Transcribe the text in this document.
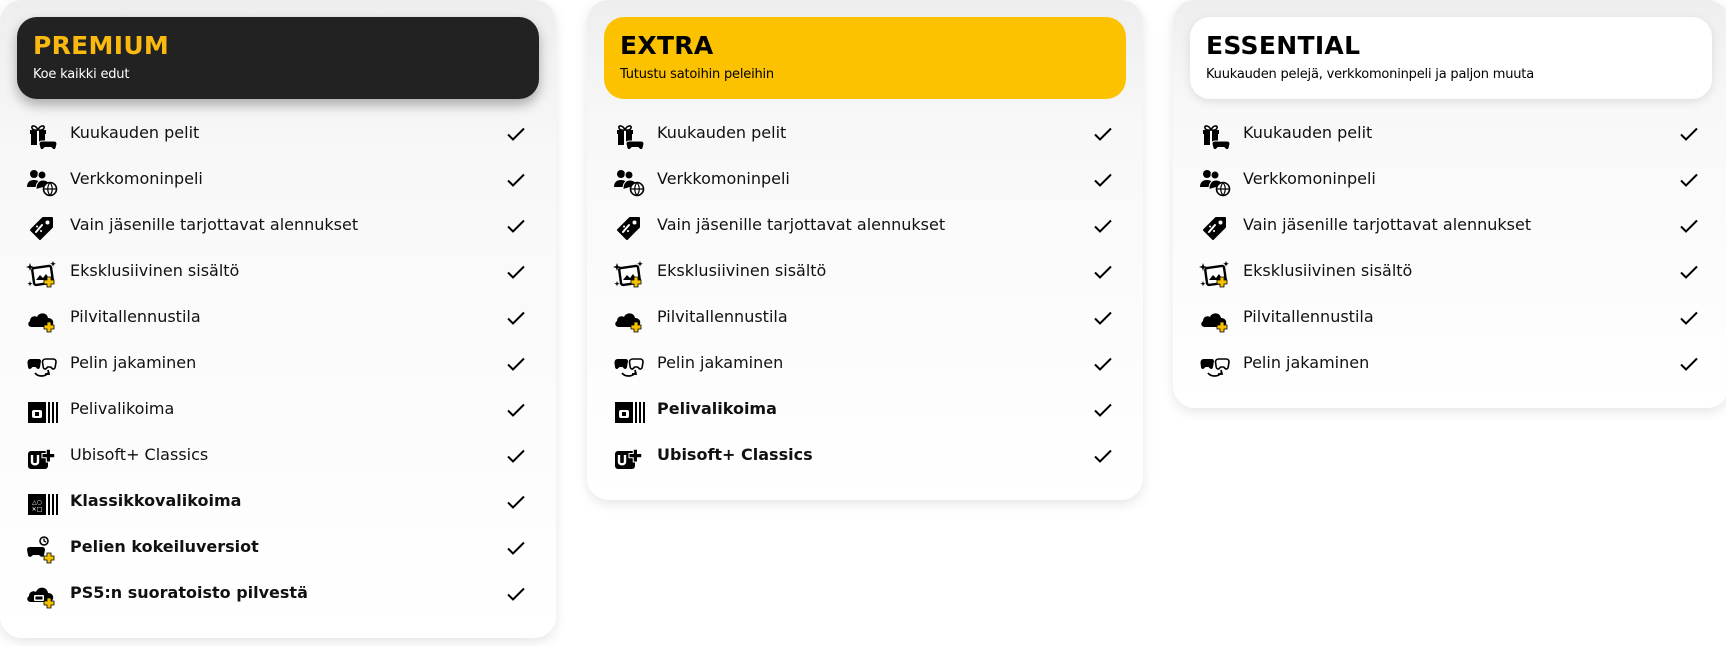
PREMIUM
Koe kaikki edut
Kuukauden pelit
Verkkomoninpeli
Vain jäsenille tarjottavat alennukset
Eksklusiivinen sisältö
Pilvitallennustila
Pelin jakaminen
Pelivalikoima
Ubisoft+ Classics
△○
✕□ Klassikkovalikoima
Pelien kokeiluversiot
PS5:n suoratoisto pilvestä
EXTRA
Tutustu satoihin peleihin
Kuukauden pelit
Verkkomoninpeli
Vain jäsenille tarjottavat alennukset
Eksklusiivinen sisältö
Pilvitallennustila
Pelin jakaminen
Pelivalikoima
Ubisoft+ Classics
ESSENTIAL
Kuukauden pelejä, verkkomoninpeli ja paljon muuta
Kuukauden pelit
Verkkomoninpeli
Vain jäsenille tarjottavat alennukset
Eksklusiivinen sisältö
Pilvitallennustila
Pelin jakaminen
